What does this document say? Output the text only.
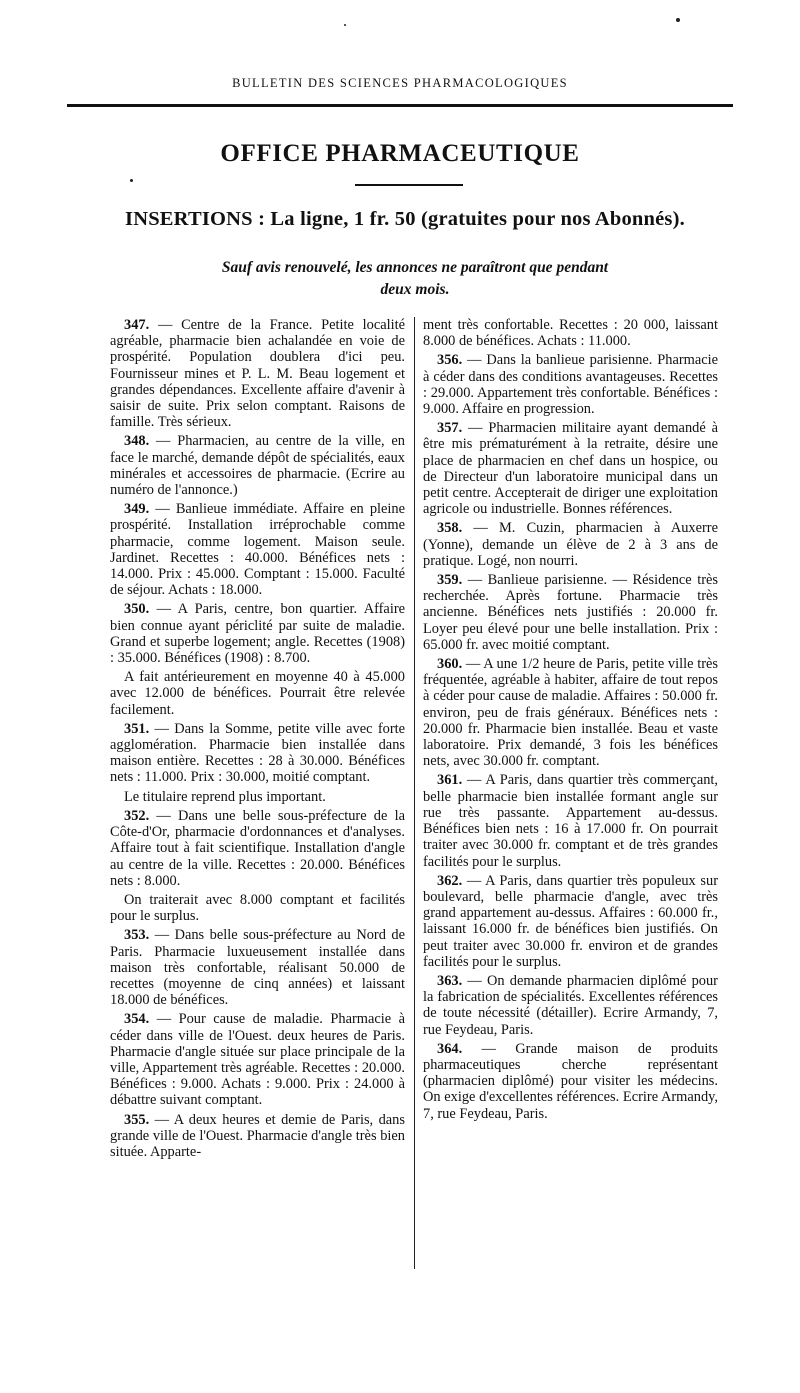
BULLETIN DES SCIENCES PHARMACOLOGIQUES
OFFICE PHARMACEUTIQUE
INSERTIONS : La ligne, 1 fr. 50 (gratuites pour nos Abonnés).
Sauf avis renouvelé, les annonces ne paraîtront que pendant deux mois.

347. — Centre de la France. Petite localité agréable, pharmacie bien achalandée en voie de prospérité. Population doublera d'ici peu. Fournisseur mines et P. L. M. Beau logement et grandes dépendances. Excellente affaire d'avenir à saisir de suite. Prix selon comptant. Raisons de famille. Très sérieux.

348. — Pharmacien, au centre de la ville, en face le marché, demande dépôt de spécialités, eaux minérales et accessoires de pharmacie. (Ecrire au numéro de l'annonce.)

349. — Banlieue immédiate. Affaire en pleine prospérité. Installation irréprochable comme pharmacie, comme logement. Maison seule. Jardinet. Recettes : 40.000. Bénéfices nets : 14.000. Prix : 45.000. Comptant : 15.000. Faculté de séjour. Achats : 18.000.

350. — A Paris, centre, bon quartier. Affaire bien connue ayant périclité par suite de maladie. Grand et superbe logement; angle. Recettes (1908) : 35.000. Bénéfices (1908) : 8.700.

A fait antérieurement en moyenne 40 à 45.000 avec 12.000 de bénéfices. Pourrait être relevée facilement.

351. — Dans la Somme, petite ville avec forte agglomération. Pharmacie bien installée dans maison entière. Recettes : 28 à 30.000. Bénéfices nets : 11.000. Prix : 30.000, moitié comptant.

Le titulaire reprend plus important.

352. — Dans une belle sous-préfecture de la Côte-d'Or, pharmacie d'ordonnances et d'analyses. Affaire tout à fait scientifique. Installation d'angle au centre de la ville. Recettes : 20.000. Bénéfices nets : 8.000.

On traiterait avec 8.000 comptant et facilités pour le surplus.

353. — Dans belle sous-préfecture au Nord de Paris. Pharmacie luxueusement installée dans maison très confortable, réalisant 50.000 de recettes (moyenne de cinq années) et laissant 18.000 de bénéfices.

354. — Pour cause de maladie. Pharmacie à céder dans ville de l'Ouest. deux heures de Paris. Pharmacie d'angle située sur place principale de la ville, Appartement très agréable. Recettes : 20.000. Bénéfices : 9.000. Achats : 9.000. Prix : 24.000 à débattre suivant comptant.

355. — A deux heures et demie de Paris, dans grande ville de l'Ouest. Pharmacie d'angle très bien située. Apparte-

ment très confortable. Recettes : 20 000, laissant 8.000 de bénéfices. Achats : 11.000.

356. — Dans la banlieue parisienne. Pharmacie à céder dans des conditions avantageuses. Recettes : 29.000. Appartement très confortable. Bénéfices : 9.000. Affaire en progression.

357. — Pharmacien militaire ayant demandé à être mis prématurément à la retraite, désire une place de pharmacien en chef dans un hospice, ou de Directeur d'un laboratoire municipal dans un petit centre. Accepterait de diriger une exploitation agricole ou industrielle. Bonnes références.

358. — M. Cuzin, pharmacien à Auxerre (Yonne), demande un élève de 2 à 3 ans de pratique. Logé, non nourri.

359. — Banlieue parisienne. — Résidence très recherchée. Après fortune. Pharmacie très ancienne. Bénéfices nets justifiés : 20.000 fr. Loyer peu élevé pour une belle installation. Prix : 65.000 fr. avec moitié comptant.

360. — A une 1/2 heure de Paris, petite ville très fréquentée, agréable à habiter, affaire de tout repos à céder pour cause de maladie. Affaires : 50.000 fr. environ, peu de frais généraux. Bénéfices nets : 20.000 fr. Pharmacie bien installée. Beau et vaste laboratoire. Prix demandé, 3 fois les bénéfices nets, avec 30.000 fr. comptant.

361. — A Paris, dans quartier très commerçant, belle pharmacie bien installée formant angle sur rue très passante. Appartement au-dessus. Bénéfices bien nets : 16 à 17.000 fr. On pourrait traiter avec 30.000 fr. comptant et de très grandes facilités pour le surplus.

362. — A Paris, dans quartier très populeux sur boulevard, belle pharmacie d'angle, avec très grand appartement au-dessus. Affaires : 60.000 fr., laissant 16.000 fr. de bénéfices bien justifiés. On peut traiter avec 30.000 fr. environ et de grandes facilités pour le surplus.

363. — On demande pharmacien diplômé pour la fabrication de spécialités. Excellentes références de toute nécessité (détailler). Ecrire Armandy, 7, rue Feydeau, Paris.

364. — Grande maison de produits pharmaceutiques cherche représentant (pharmacien diplômé) pour visiter les médecins. On exige d'excellentes références. Ecrire Armandy, 7, rue Feydeau, Paris.
